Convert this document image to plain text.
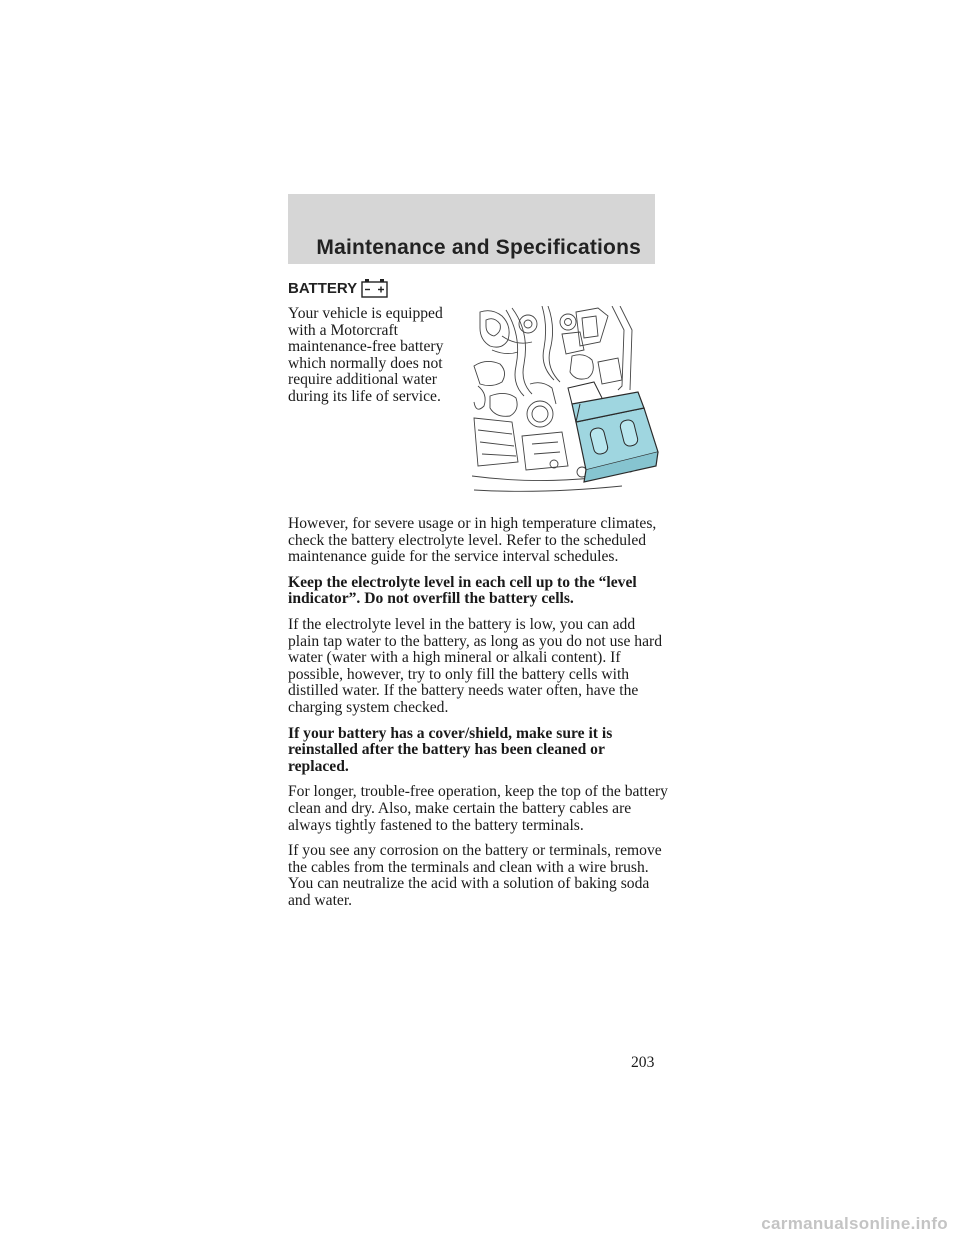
Maintenance and Specifications
BATTERY
Your vehicle is equipped with a Motorcraft maintenance-free battery which normally does not require additional water during its life of service.

However, for severe usage or in high temperature climates, check the battery electrolyte level. Refer to the scheduled maintenance guide for the service interval schedules.

Keep the electrolyte level in each cell up to the “level indicator”. Do not overfill the battery cells.

If the electrolyte level in the battery is low, you can add plain tap water to the battery, as long as you do not use hard water (water with a high mineral or alkali content). If possible, however, try to only fill the battery cells with distilled water. If the battery needs water often, have the charging system checked.

If your battery has a cover/shield, make sure it is reinstalled after the battery has been cleaned or replaced.

For longer, trouble-free operation, keep the top of the battery clean and dry. Also, make certain the battery cables are always tightly fastened to the battery terminals.

If you see any corrosion on the battery or terminals, remove the cables from the terminals and clean with a wire brush. You can neutralize the acid with a solution of baking soda and water.

203
carmanualsonline.info
